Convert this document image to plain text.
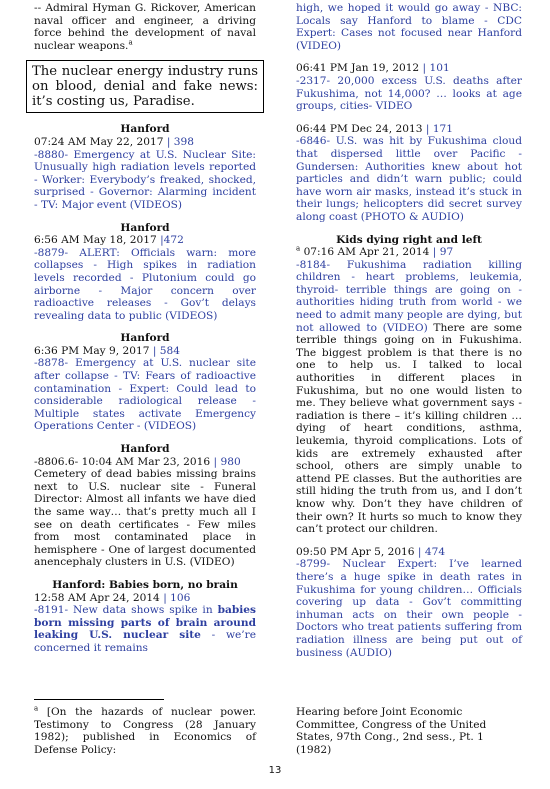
-- Admiral Hyman G. Rickover, American naval officer and engineer, a driving force behind the development of naval nuclear weapons.$^a$

The nuclear energy industry runs on blood, denial and fake news: it’s costing us, Paradise.
Hanford

07:24 AM May 22, 2017 | 398

-8880- Emergency at U.S. Nuclear Site: Unusually high radiation levels reported - Worker: Everybody’s freaked, shocked, surprised - Governor: Alarming incident - TV: Major event (VIDEOS)

Hanford

6:56 AM May 18, 2017 |472

-8879- ALERT: Officials warn: more collapses - High spikes in radiation levels recorded - Plutonium could go airborne - Major concern over radioactive releases - Gov’t delays revealing data to public (VIDEOS)

Hanford

6:36 PM May 9, 2017 | 584

-8878- Emergency at U.S. nuclear site after collapse - TV: Fears of radioactive contamination - Expert: Could lead to considerable radiological release - Multiple states activate Emergency Operations Center - (VIDEOS)

Hanford

-8806.6- 10:04 AM Mar 23, 2016 | 980

Cemetery of dead babies missing brains next to U.S. nuclear site - Funeral Director: Almost all infants we have died the same way… that’s pretty much all I see on death certificates - Few miles from most contaminated place in hemisphere - One of largest documented anencephaly clusters in U.S. (VIDEO)

Hanford: Babies born, no brain

12:58 AM Apr 24, 2014 | 106

-8191- New data shows spike in babies born missing parts of brain around leaking U.S. nuclear site - we’re concerned it remains

$^a$ [On the hazards of nuclear power. Testimony to Congress (28 January 1982); published in Economics of Defense Policy:

high, we hoped it would go away - NBC: Locals say Hanford to blame - CDC Expert: Cases not focused near Hanford (VIDEO)

06:41 PM Jan 19, 2012 | 101

-2317- 20,000 excess U.S. deaths after Fukushima, not 14,000? … looks at age groups, cities- VIDEO

06:44 PM Dec 24, 2013 | 171

-6846- U.S. was hit by Fukushima cloud that dispersed little over Pacific - Gundersen: Authorities knew about hot particles and didn’t warn public; could have worn air masks, instead it’s stuck in their lungs; helicopters did secret survey along coast (PHOTO & AUDIO)

Kids dying right and left

$^a$ 07:16 AM Apr 21, 2014 | 97

-8184- Fukushima radiation killing children - heart problems, leukemia, thyroid- terrible things are going on - authorities hiding truth from world - we need to admit many people are dying, but not allowed to (VIDEO) There are some terrible things going on in Fukushima. The biggest problem is that there is no one to help us. I talked to local authorities in different places in Fukushima, but no one would listen to me. They believe what government says - radiation is there – it’s killing children … dying of heart conditions, asthma, leukemia, thyroid complications. Lots of kids are extremely exhausted after school, others are simply unable to attend PE classes. But the authorities are still hiding the truth from us, and I don’t know why. Don’t they have children of their own? It hurts so much to know they can’t protect our children.

09:50 PM Apr 5, 2016 | 474

-8799- Nuclear Expert: I’ve learned there’s a huge spike in death rates in Fukushima for young children… Officials covering up data - Gov’t committing inhuman acts on their own people - Doctors who treat patients suffering from radiation illness are being put out of business (AUDIO)

Hearing before Joint Economic Committee, Congress of the United States, 97th Cong., 2nd sess., Pt. 1 (1982)
13
